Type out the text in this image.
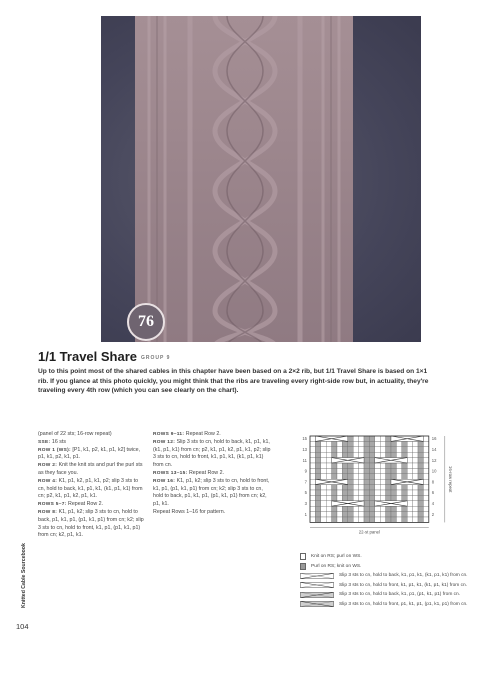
76
1/1 Travel Share GROUP 9

Up to this point most of the shared cables in this chapter have been based on a 2×2 rib, but 1/1 Travel Share is based on 1×1 rib. If you glance at this photo quickly, you might think that the ribs are traveling every right-side row but, in actuality, they're traveling every 4th row (which you can see clearly on the chart).

(panel of 22 sts; 16-row repeat)

SSE: 16 sts

ROW 1 (WS): [P1, k1, p2, k1, p1, k2] twice, p1, k1, p2, k1, p1.

ROW 2: Knit the knit sts and purl the purl sts as they face you.

ROW 4: K1, p1, k2, p1, k1, p2; slip 3 sts to cn, hold to back, k1, p1, k1, (k1, p1, k1) from cn; p2, k1, p1, k2, p1, k1.

ROWS 5–7: Repeat Row 2.

ROW 8: K1, p1, k2; slip 3 sts to cn, hold to back, p1, k1, p1, (p1, k1, p1) from cn; k2; slip 3 sts to cn, hold to front, k1, p1, (p1, k1, p1) from cn; k2, p1, k1.

ROWS 9–11: Repeat Row 2.

ROW 12: Slip 3 sts to cn, hold to back, k1, p1, k1, (k1, p1, k1) from cn; p2, k1, p1, k2, p1, k1, p2; slip 3 sts to cn, hold to front, k1, p1, k1, (k1, p1, k1) from cn.

ROWS 13–15: Repeat Row 2.

ROW 16: K1, p1, k2; slip 3 sts to cn, hold to front, k1, p1, (p1, k1, p1) from cn; k2; slip 3 sts to cn, hold to back, p1, k1, p1, (p1, k1, p1) from cn; k2, p1, k1.

Repeat Rows 1–16 for pattern.

15
13
11
9
7
5
3
1
16
14
12
10
8
6
4
2
16-row repeat
22-st panel
Knit on RS; purl on WS.
Purl on RS; knit on WS.
Slip 3 sts to cn, hold to back, k1, p1, k1, (k1, p1, k1) from cn.
Slip 3 sts to cn, hold to front, k1, p1, k1, (k1, p1, k1) from cn.
Slip 3 sts to cn, hold to back, k1, p1, (p1, k1, p1) from cn.
Slip 3 sts to cn, hold to front, p1, k1, p1, (p1, k1, p1) from cn.
Knitted Cable Sourcebook
104
